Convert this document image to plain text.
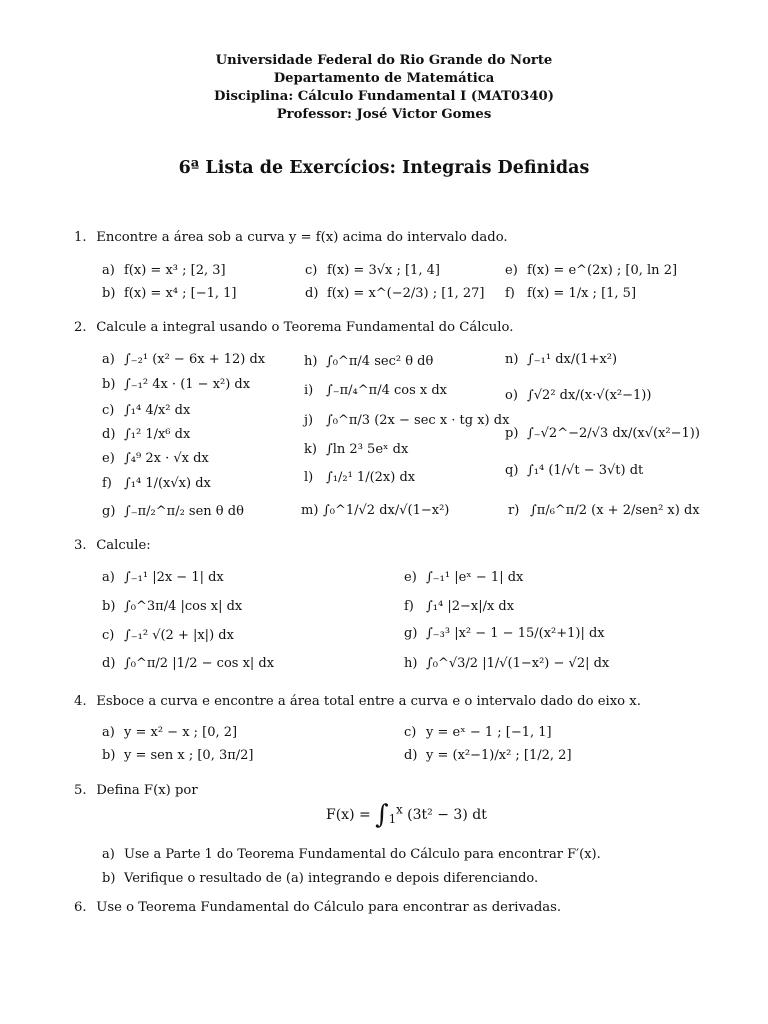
Universidade Federal do Rio Grande do Norte
Departamento de Matemática
Disciplina: Cálculo Fundamental I (MAT0340)
Professor: José Victor Gomes
6ª Lista de Exercícios: Integrais Definidas
1. Encontre a área sob a curva y = f(x) acima do intervalo dado.
a) f(x) = x³ ; [2, 3]
b) f(x) = x⁴ ; [−1, 1]
c) f(x) = 3√x ; [1, 4]
d) f(x) = x^(−2/3) ; [1, 27]
e) f(x) = e^(2x) ; [0, ln 2]
f) f(x) = 1/x ; [1, 5]
2. Calcule a integral usando o Teorema Fundamental do Cálculo.
a) ∫₋₂¹ (x² − 6x + 12) dx
b) ∫₋₁² 4x · (1 − x²) dx
c) ∫₁⁴ 4/x² dx
d) ∫₁² 1/x⁶ dx
e) ∫₄⁹ 2x · √x dx
f) ∫₁⁴ 1/(x√x) dx
g) ∫₋π/₂^π/₂ sen θ dθ
h) ∫₀^π/4 sec² θ dθ
i) ∫₋π/₄^π/4 cos x dx
j) ∫₀^π/3 (2x − sec x · tg x) dx
k) ∫ln 2³ 5eˣ dx
l) ∫₁/₂¹ 1/(2x) dx
m) ∫₀^1/√2 dx/√(1−x²)
n) ∫₋₁¹ dx/(1+x²)
o) ∫√2² dx/(x·√(x²−1))
p) ∫₋√2^−2/√3 dx/(x√(x²−1))
q) ∫₁⁴ (1/√t − 3√t) dt
r) ∫π/₆^π/2 (x + 2/sen² x) dx
3. Calcule:
a) ∫₋₁¹ |2x − 1| dx
b) ∫₀^3π/4 |cos x| dx
c) ∫₋₁² √(2 + |x|) dx
d) ∫₀^π/2 |1/2 − cos x| dx
e) ∫₋₁¹ |eˣ − 1| dx
f) ∫₁⁴ |2−x|/x dx
g) ∫₋₃³ |x² − 1 − 15/(x²+1)| dx
h) ∫₀^√3/2 |1/√(1−x²) − √2| dx
4. Esboce a curva e encontre a área total entre a curva e o intervalo dado do eixo x.
a) y = x² − x ; [0, 2]
b) y = sen x ; [0, 3π/2]
c) y = eˣ − 1 ; [−1, 1]
d) y = (x²−1)/x² ; [1/2, 2]
5. Defina F(x) por
$F(x) = \int_1^x$ (3t² − 3) dt
a) Use a Parte 1 do Teorema Fundamental do Cálculo para encontrar F′(x).
b) Verifique o resultado de (a) integrando e depois diferenciando.
6. Use o Teorema Fundamental do Cálculo para encontrar as derivadas.
